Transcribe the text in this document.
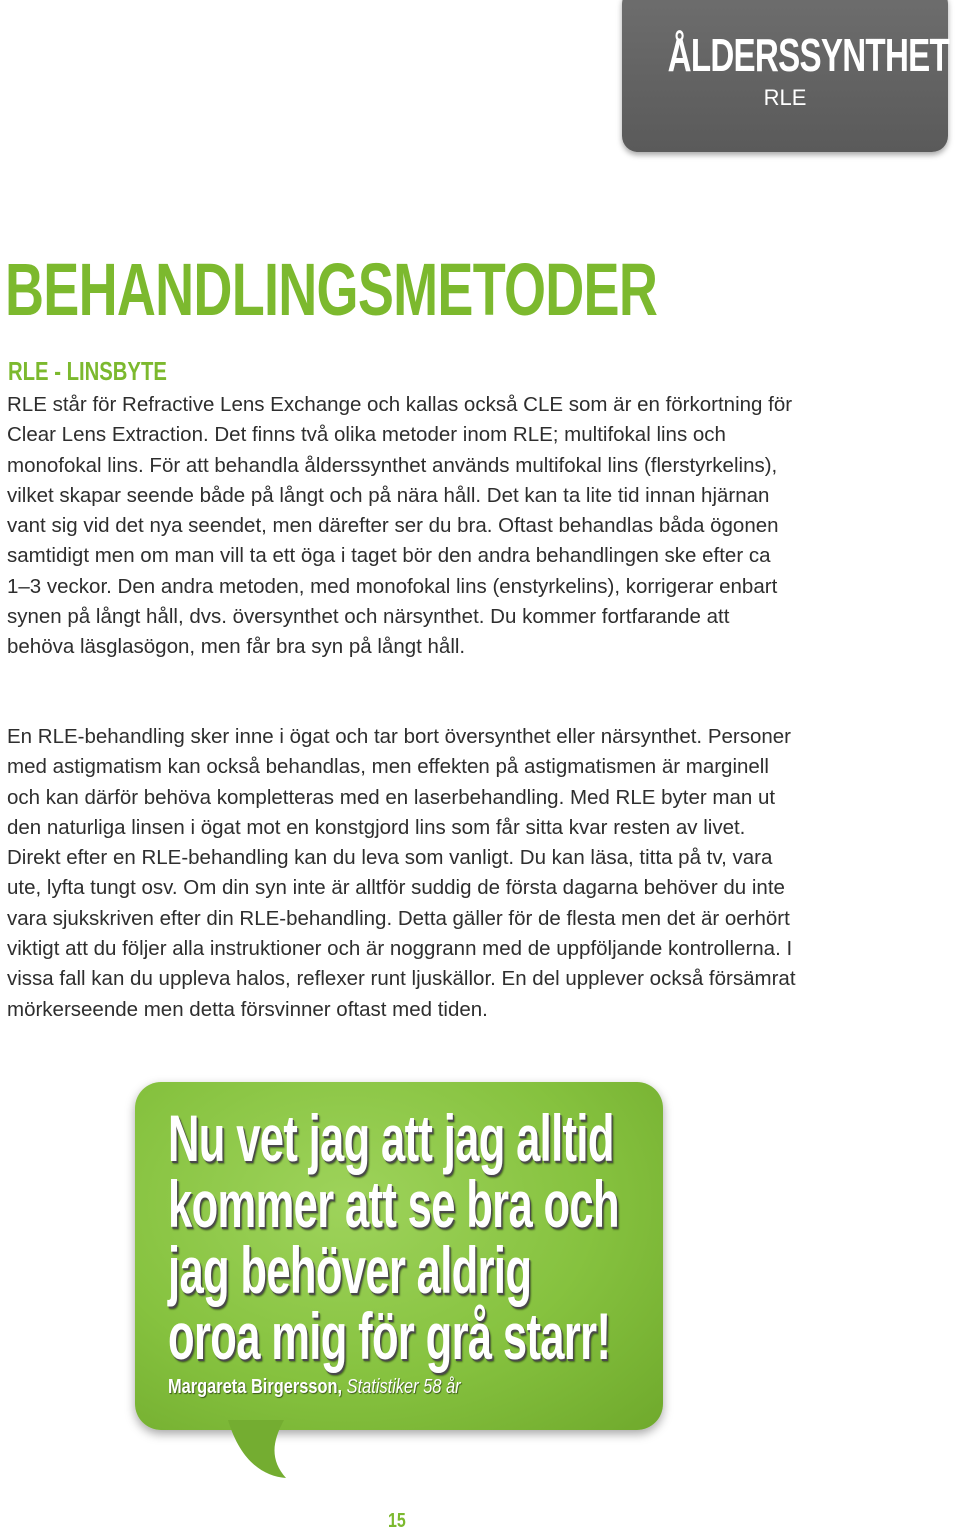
ÅLDERSSYNTHET
RLE
BEHANDLINGSMETODER
RLE - LINSBYTE

RLE står för Refractive Lens Exchange och kallas också CLE som är en förkortning för Clear Lens Extraction. Det finns två olika metoder inom RLE; multifokal lins och monofokal lins. För att behandla ålderssynthet används multifokal lins (flerstyrkelins), vilket skapar seende både på långt och på nära håll. Det kan ta lite tid innan hjärnan vant sig vid det nya seendet, men därefter ser du bra. Oftast behandlas båda ögonen samtidigt men om man vill ta ett öga i taget bör den andra behandlingen ske efter ca 1–3 veckor. Den andra metoden, med monofokal lins (enstyrkelins), korrigerar enbart synen på långt håll, dvs. översynthet och närsynthet. Du kommer fortfarande att behöva läsglasögon, men får bra syn på långt håll.

En RLE-behandling sker inne i ögat och tar bort översynthet eller närsynthet. Personer med astigmatism kan också behandlas, men effekten på astigmatismen är marginell och kan därför behöva kompletteras med en laserbehandling. Med RLE byter man ut den naturliga linsen i ögat mot en konstgjord lins som får sitta kvar resten av livet. Direkt efter en RLE-behandling kan du leva som vanligt. Du kan läsa, titta på tv, vara ute, lyfta tungt osv. Om din syn inte är alltför suddig de första dagarna behöver du inte vara sjukskriven efter din RLE-behandling. Detta gäller för de flesta men det är oerhört viktigt att du följer alla instruktioner och är noggrann med de uppföljande kontrollerna. I vissa fall kan du uppleva halos, reflexer runt ljuskällor. En del upplever också försämrat mörkerseende men detta försvinner oftast med tiden.

Nu vet jag att jag alltid
kommer att se bra och
jag behöver aldrig
oroa mig för grå starr!
Margareta Birgersson, Statistiker 58 år
15
